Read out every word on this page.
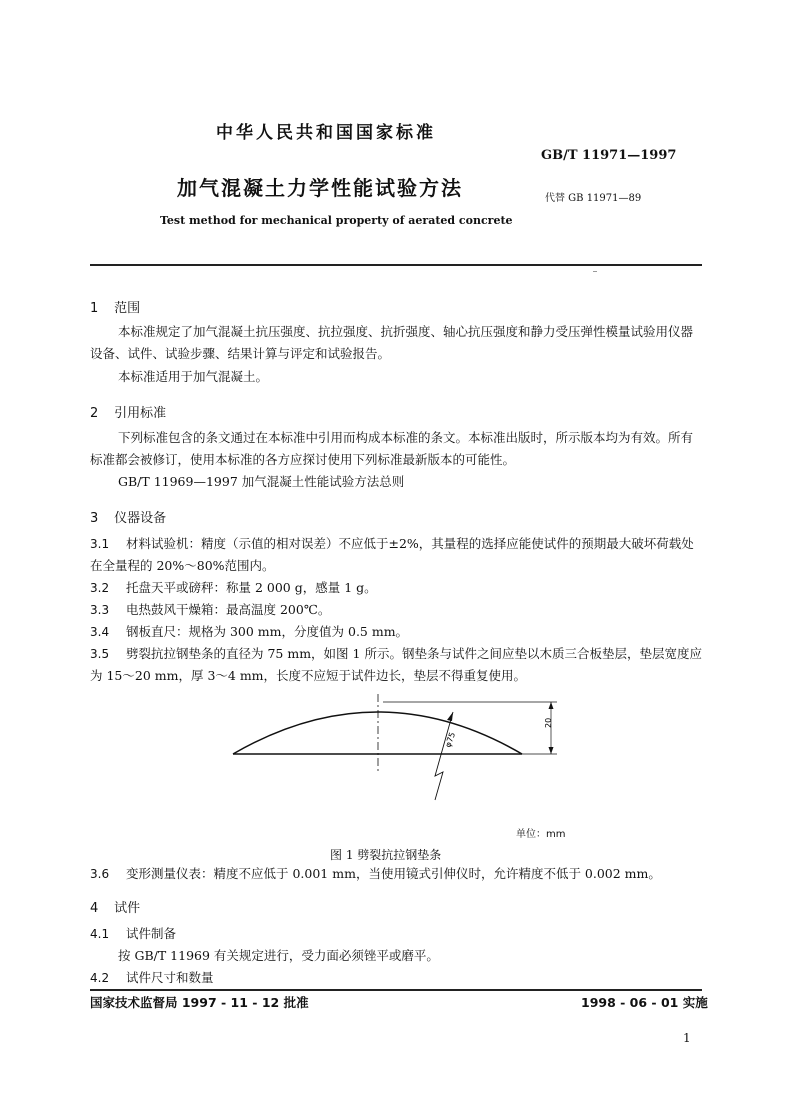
中华人民共和国国家标准
GB/T 11971—1997
加气混凝土力学性能试验方法	代替 GB 11971—89
Test method for mechanical property of aerated concrete
1 范围
本标准规定了加气混凝土抗压强度、抗拉强度、抗折强度、轴心抗压强度和静力受压弹性模量试验用仪器设备、试件、试验步骤、结果计算与评定和试验报告。
本标准适用于加气混凝土。
2 引用标准
下列标准包含的条文通过在本标准中引用而构成本标准的条文。本标准出版时，所示版本均为有效。所有标准都会被修订，使用本标准的各方应探讨使用下列标准最新版本的可能性。
GB/T 11969—1997 加气混凝土性能试验方法总则
3 仪器设备
3.1 材料试验机：精度（示值的相对误差）不应低于±2%，其量程的选择应能使试件的预期最大破坏荷载处在全量程的 20%～80%范围内。
3.2 托盘天平或磅秤：称量 2 000 g，感量 1 g。
3.3 电热鼓风干燥箱：最高温度 200℃。
3.4 钢板直尺：规格为 300 mm，分度值为 0.5 mm。
3.5 劈裂抗拉钢垫条的直径为 75 mm，如图 1 所示。钢垫条与试件之间应垫以木质三合板垫层，垫层宽度应为 15～20 mm，厚 3～4 mm，长度不应短于试件边长，垫层不得重复使用。
20
φ75
单位：mm
图 1 劈裂抗拉钢垫条
3.6 变形测量仪表：精度不应低于 0.001 mm，当使用镜式引伸仪时，允许精度不低于 0.002 mm。
4 试件
4.1 试件制备
按 GB/T 11969 有关规定进行，受力面必须锉平或磨平。
4.2 试件尺寸和数量
国家技术监督局 1997 - 11 - 12 批准	1998 - 06 - 01 实施
1
